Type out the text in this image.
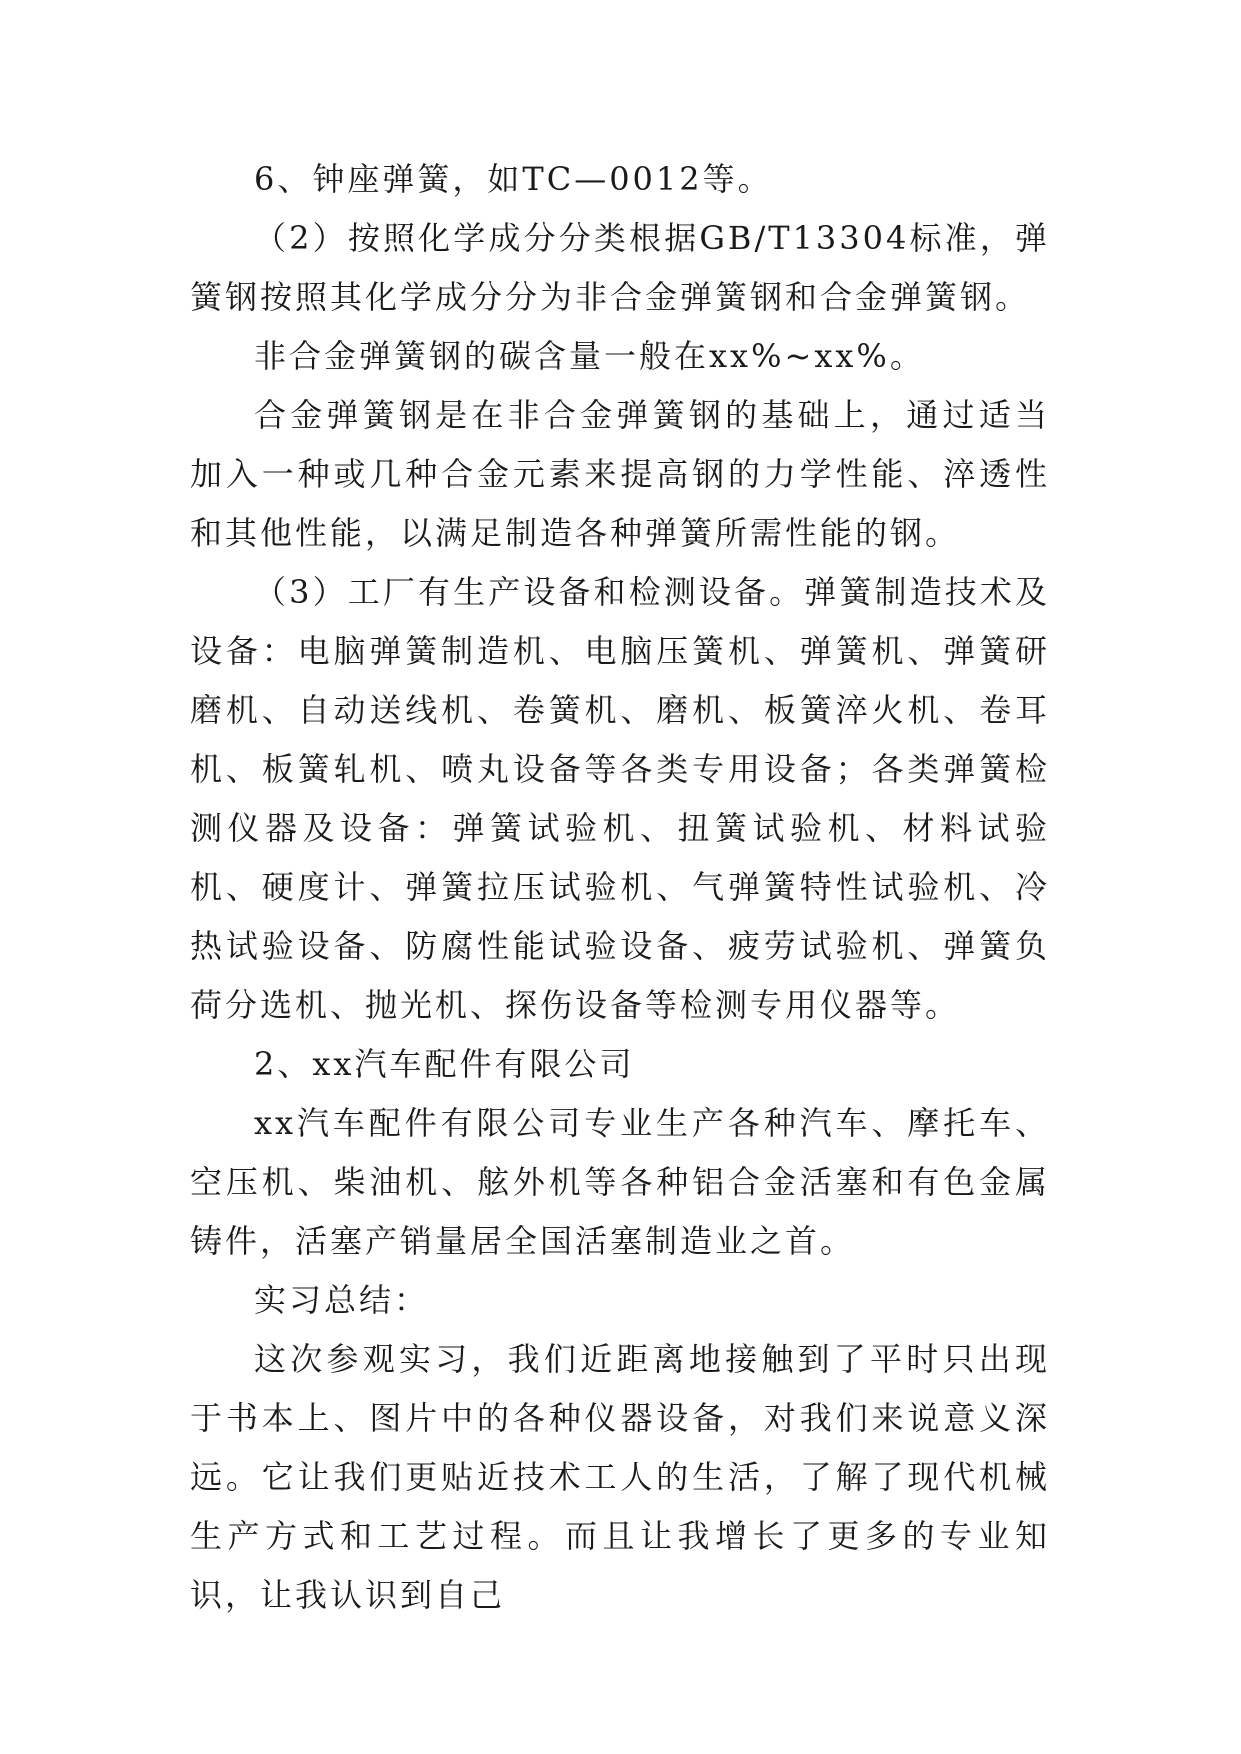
6、钟座弹簧，如TC—0012等。

（2）按照化学成分分类根据GB/T13304标准，弹簧钢按照其化学成分分为非合金弹簧钢和合金弹簧钢。

非合金弹簧钢的碳含量一般在xx%~xx%。

合金弹簧钢是在非合金弹簧钢的基础上，通过适当加入一种或几种合金元素来提高钢的力学性能、淬透性和其他性能，以满足制造各种弹簧所需性能的钢。

（3）工厂有生产设备和检测设备。弹簧制造技术及设备：电脑弹簧制造机、电脑压簧机、弹簧机、弹簧研磨机、自动送线机、卷簧机、磨机、板簧淬火机、卷耳机、板簧轧机、喷丸设备等各类专用设备；各类弹簧检测仪器及设备：弹簧试验机、扭簧试验机、材料试验机、硬度计、弹簧拉压试验机、气弹簧特性试验机、冷热试验设备、防腐性能试验设备、疲劳试验机、弹簧负荷分选机、抛光机、探伤设备等检测专用仪器等。

2、xx汽车配件有限公司

xx汽车配件有限公司专业生产各种汽车、摩托车、空压机、柴油机、舷外机等各种铝合金活塞和有色金属铸件，活塞产销量居全国活塞制造业之首。

实习总结：

这次参观实习，我们近距离地接触到了平时只出现于书本上、图片中的各种仪器设备，对我们来说意义深远。它让我们更贴近技术工人的生活，了解了现代机械生产方式和工艺过程。而且让我增长了更多的专业知识，让我认识到自己
